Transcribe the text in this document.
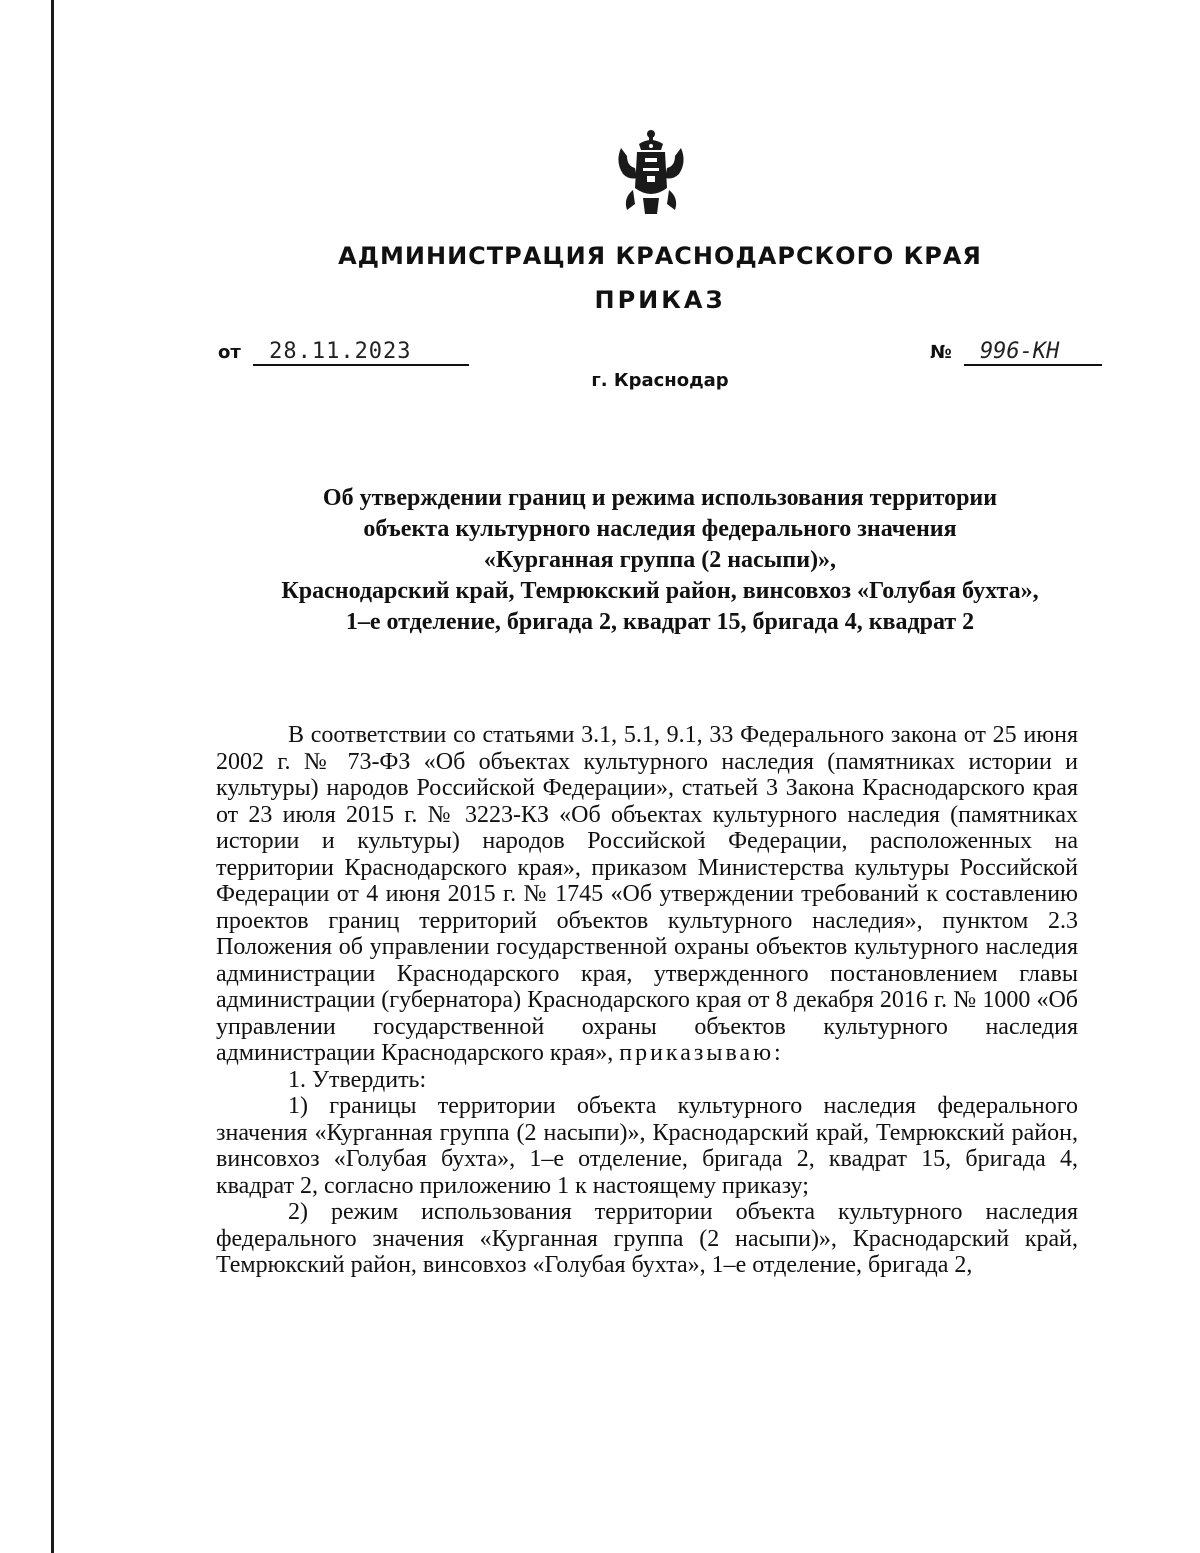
АДМИНИСТРАЦИЯ КРАСНОДАРСКОГО КРАЯ
ПРИКАЗ
от 28.11.2023	№ 996-КН
г. Краснодар
Об утверждении границ и режима использования территории
объекта культурного наследия федерального значения
«Курганная группа (2 насыпи)»,
Краснодарский край, Темрюкский район, винсовхоз «Голубая бухта»,
1–е отделение, бригада 2, квадрат 15, бригада 4, квадрат 2

В соответствии со статьями 3.1, 5.1, 9.1, 33 Федерального закона от 25 июня 2002 г. № 73-ФЗ «Об объектах культурного наследия (памятниках истории и культуры) народов Российской Федерации», статьей 3 Закона Краснодарского края от 23 июля 2015 г. № 3223-КЗ «Об объектах культурного наследия (памятниках истории и культуры) народов Российской Федерации, расположенных на территории Краснодарского края», приказом Министерства культуры Российской Федерации от 4 июня 2015 г. № 1745 «Об утверждении требований к составлению проектов границ территорий объектов культурного наследия», пунктом 2.3 Положения об управлении государственной охраны объектов культурного наследия администрации Краснодарского края, утвержденного постановлением главы администрации (губернатора) Краснодарского края от 8 декабря 2016 г. № 1000 «Об управлении государственной охраны объектов культурного наследия администрации Краснодарского края», приказываю:

1. Утвердить:

1) границы территории объекта культурного наследия федерального значения «Курганная группа (2 насыпи)», Краснодарский край, Темрюкский район, винсовхоз «Голубая бухта», 1–е отделение, бригада 2, квадрат 15, бригада 4, квадрат 2, согласно приложению 1 к настоящему приказу;

2) режим использования территории объекта культурного наследия федерального значения «Курганная группа (2 насыпи)», Краснодарский край, Темрюкский район, винсовхоз «Голубая бухта», 1–е отделение, бригада 2,
